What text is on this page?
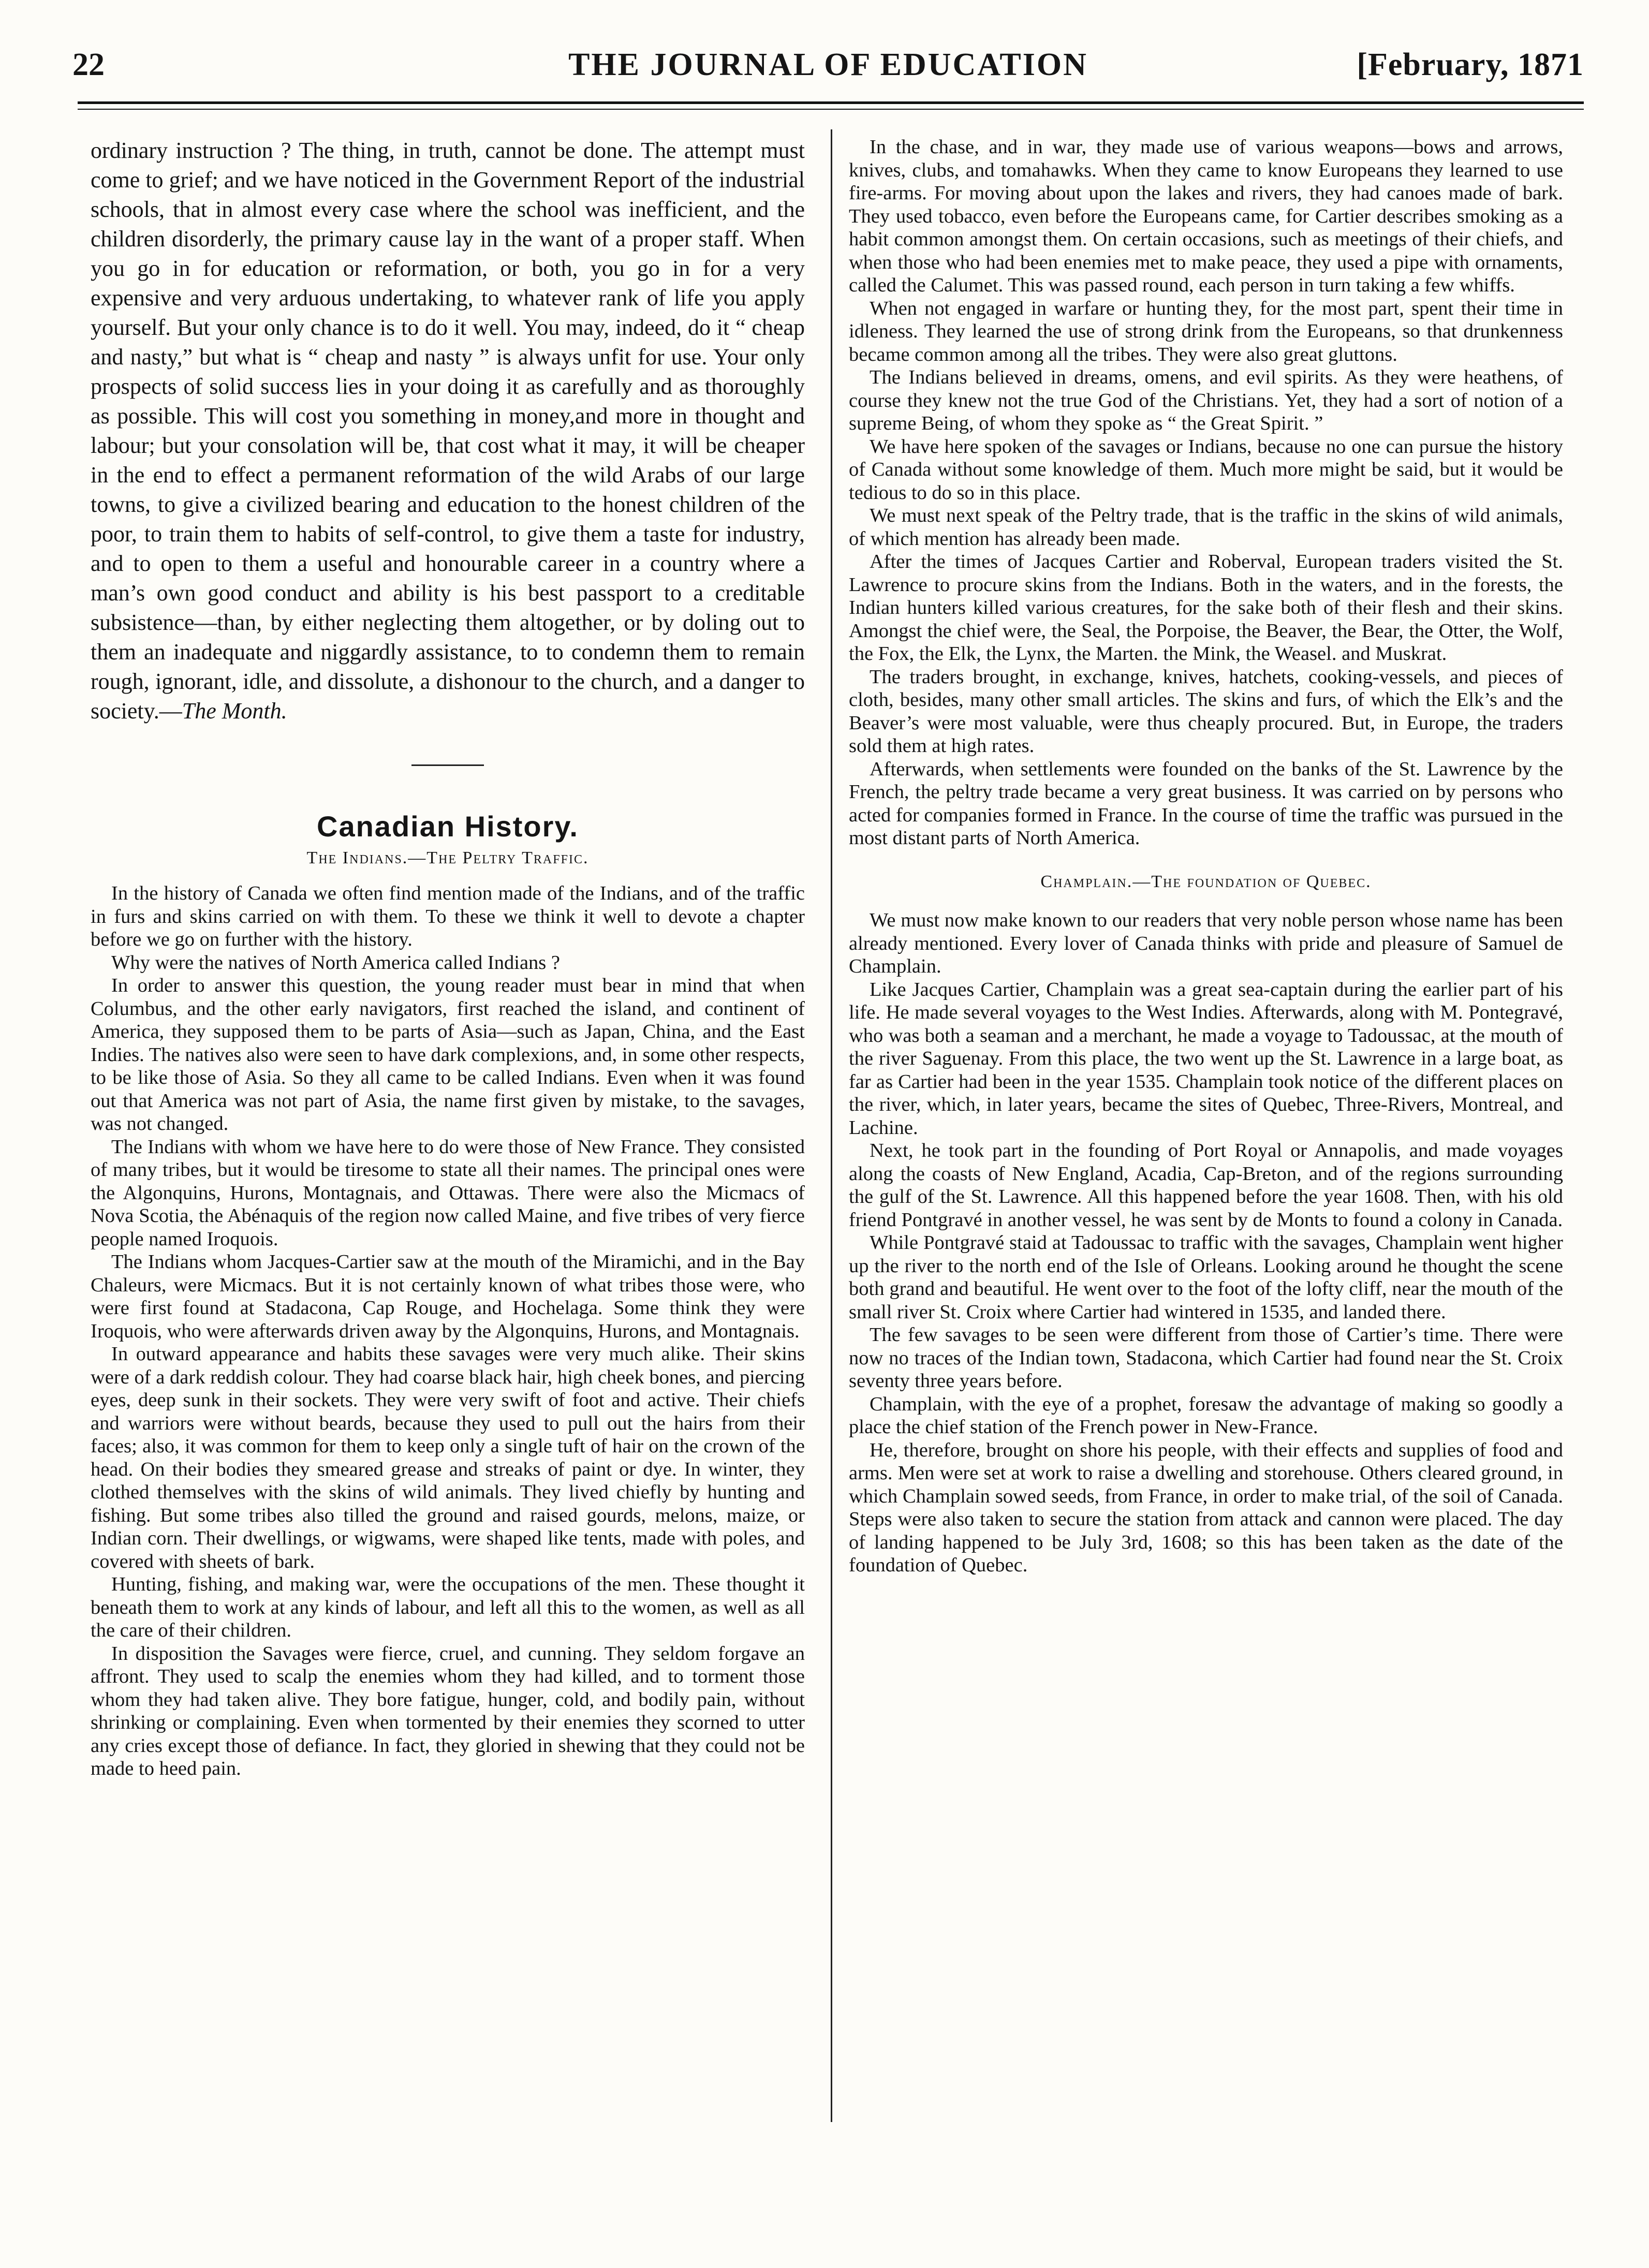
22	THE JOURNAL OF EDUCATION	[February, 1871

ordinary instruction ? The thing, in truth, cannot be done. The attempt must come to grief; and we have noticed in the Government Report of the industrial schools, that in almost every case where the school was inefficient, and the children disorderly, the primary cause lay in the want of a proper staff. When you go in for education or reformation, or both, you go in for a very expensive and very arduous undertaking, to whatever rank of life you apply yourself. But your only chance is to do it well. You may, indeed, do it “ cheap and nasty,” but what is “ cheap and nasty ” is always unfit for use. Your only prospects of solid success lies in your doing it as carefully and as thoroughly as possible. This will cost you something in money,and more in thought and labour; but your consolation will be, that cost what it may, it will be cheaper in the end to effect a permanent reformation of the wild Arabs of our large towns, to give a civilized bearing and education to the honest children of the poor, to train them to habits of self-control, to give them a taste for industry, and to open to them a useful and honourable career in a country where a man’s own good conduct and ability is his best passport to a creditable subsistence—than, by either neglecting them altogether, or by doling out to them an inadequate and niggardly assistance, to to condemn them to remain rough, ignorant, idle, and dissolute, a dishonour to the church, and a danger to society.—The Month.

Canadian History.
The Indians.—The Peltry Traffic.

In the history of Canada we often find mention made of the Indians, and of the traffic in furs and skins carried on with them. To these we think it well to devote a chapter before we go on further with the history.

Why were the natives of North America called Indians ?

In order to answer this question, the young reader must bear in mind that when Columbus, and the other early navigators, first reached the island, and continent of America, they supposed them to be parts of Asia—such as Japan, China, and the East Indies. The natives also were seen to have dark complexions, and, in some other respects, to be like those of Asia. So they all came to be called Indians. Even when it was found out that America was not part of Asia, the name first given by mistake, to the savages, was not changed.

The Indians with whom we have here to do were those of New France. They consisted of many tribes, but it would be tiresome to state all their names. The principal ones were the Algonquins, Hurons, Montagnais, and Ottawas. There were also the Micmacs of Nova Scotia, the Abénaquis of the region now called Maine, and five tribes of very fierce people named Iroquois.

The Indians whom Jacques-Cartier saw at the mouth of the Miramichi, and in the Bay Chaleurs, were Micmacs. But it is not certainly known of what tribes those were, who were first found at Stadacona, Cap Rouge, and Hochelaga. Some think they were Iroquois, who were afterwards driven away by the Algonquins, Hurons, and Montagnais.

In outward appearance and habits these savages were very much alike. Their skins were of a dark reddish colour. They had coarse black hair, high cheek bones, and piercing eyes, deep sunk in their sockets. They were very swift of foot and active. Their chiefs and warriors were without beards, because they used to pull out the hairs from their faces; also, it was common for them to keep only a single tuft of hair on the crown of the head. On their bodies they smeared grease and streaks of paint or dye. In winter, they clothed themselves with the skins of wild animals. They lived chiefly by hunting and fishing. But some tribes also tilled the ground and raised gourds, melons, maize, or Indian corn. Their dwellings, or wigwams, were shaped like tents, made with poles, and covered with sheets of bark.

Hunting, fishing, and making war, were the occupations of the men. These thought it beneath them to work at any kinds of labour, and left all this to the women, as well as all the care of their children.

In disposition the Savages were fierce, cruel, and cunning. They seldom forgave an affront. They used to scalp the enemies whom they had killed, and to torment those whom they had taken alive. They bore fatigue, hunger, cold, and bodily pain, without shrinking or complaining. Even when tormented by their enemies they scorned to utter any cries except those of defiance. In fact, they gloried in shewing that they could not be made to heed pain.

In the chase, and in war, they made use of various weapons—bows and arrows, knives, clubs, and tomahawks. When they came to know Europeans they learned to use fire-arms. For moving about upon the lakes and rivers, they had canoes made of bark. They used tobacco, even before the Europeans came, for Cartier describes smoking as a habit common amongst them. On certain occasions, such as meetings of their chiefs, and when those who had been enemies met to make peace, they used a pipe with ornaments, called the Calumet. This was passed round, each person in turn taking a few whiffs.

When not engaged in warfare or hunting they, for the most part, spent their time in idleness. They learned the use of strong drink from the Europeans, so that drunkenness became common among all the tribes. They were also great gluttons.

The Indians believed in dreams, omens, and evil spirits. As they were heathens, of course they knew not the true God of the Christians. Yet, they had a sort of notion of a supreme Being, of whom they spoke as “ the Great Spirit. ”

We have here spoken of the savages or Indians, because no one can pursue the history of Canada without some knowledge of them. Much more might be said, but it would be tedious to do so in this place.

We must next speak of the Peltry trade, that is the traffic in the skins of wild animals, of which mention has already been made.

After the times of Jacques Cartier and Roberval, European traders visited the St. Lawrence to procure skins from the Indians. Both in the waters, and in the forests, the Indian hunters killed various creatures, for the sake both of their flesh and their skins. Amongst the chief were, the Seal, the Porpoise, the Beaver, the Bear, the Otter, the Wolf, the Fox, the Elk, the Lynx, the Marten. the Mink, the Weasel. and Muskrat.

The traders brought, in exchange, knives, hatchets, cooking-vessels, and pieces of cloth, besides, many other small articles. The skins and furs, of which the Elk’s and the Beaver’s were most valuable, were thus cheaply procured. But, in Europe, the traders sold them at high rates.

Afterwards, when settlements were founded on the banks of the St. Lawrence by the French, the peltry trade became a very great business. It was carried on by persons who acted for companies formed in France. In the course of time the traffic was pursued in the most distant parts of North America.

Champlain.—The foundation of Quebec.

We must now make known to our readers that very noble person whose name has been already mentioned. Every lover of Canada thinks with pride and pleasure of Samuel de Champlain.

Like Jacques Cartier, Champlain was a great sea-captain during the earlier part of his life. He made several voyages to the West Indies. Afterwards, along with M. Pontegravé, who was both a seaman and a merchant, he made a voyage to Tadoussac, at the mouth of the river Saguenay. From this place, the two went up the St. Lawrence in a large boat, as far as Cartier had been in the year 1535. Champlain took notice of the different places on the river, which, in later years, became the sites of Quebec, Three-Rivers, Montreal, and Lachine.

Next, he took part in the founding of Port Royal or Annapolis, and made voyages along the coasts of New England, Acadia, Cap-Breton, and of the regions surrounding the gulf of the St. Lawrence. All this happened before the year 1608. Then, with his old friend Pontgravé in another vessel, he was sent by de Monts to found a colony in Canada.

While Pontgravé staid at Tadoussac to traffic with the savages, Champlain went higher up the river to the north end of the Isle of Orleans. Looking around he thought the scene both grand and beautiful. He went over to the foot of the lofty cliff, near the mouth of the small river St. Croix where Cartier had wintered in 1535, and landed there.

The few savages to be seen were different from those of Cartier’s time. There were now no traces of the Indian town, Stadacona, which Cartier had found near the St. Croix seventy three years before.

Champlain, with the eye of a prophet, foresaw the advantage of making so goodly a place the chief station of the French power in New-France.

He, therefore, brought on shore his people, with their effects and supplies of food and arms. Men were set at work to raise a dwelling and storehouse. Others cleared ground, in which Champlain sowed seeds, from France, in order to make trial, of the soil of Canada. Steps were also taken to secure the station from attack and cannon were placed. The day of landing happened to be July 3rd, 1608; so this has been taken as the date of the foundation of Quebec.
